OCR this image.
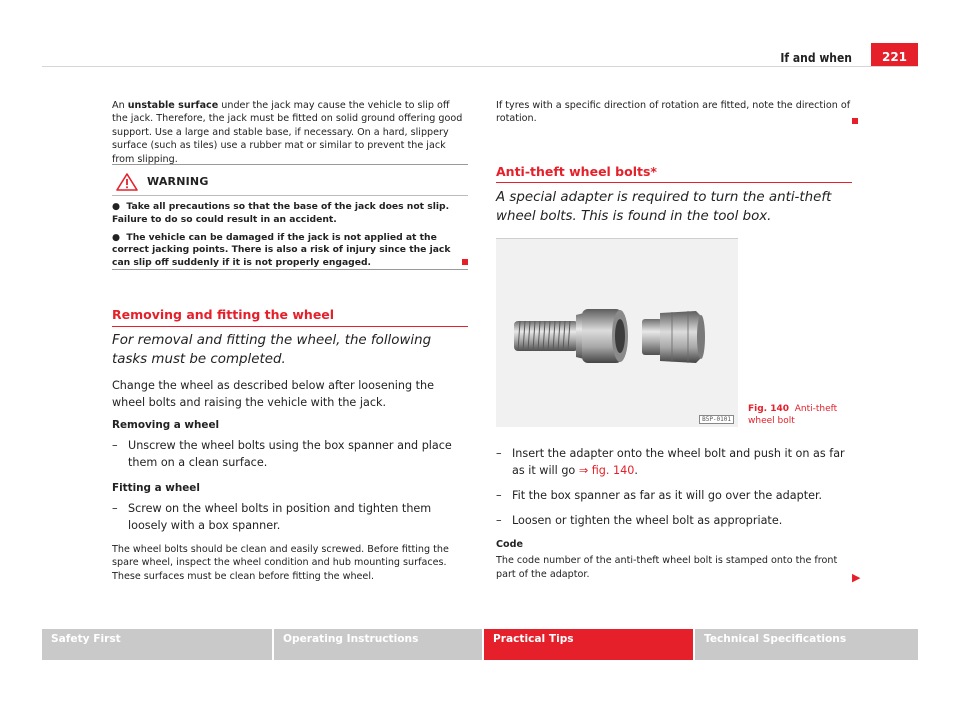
If and when	221
An unstable surface under the jack may cause the vehicle to slip off the jack. Therefore, the jack must be fitted on solid ground offering good support. Use a large and stable base, if necessary. On a hard, slippery surface (such as tiles) use a rubber mat or similar to prevent the jack from slipping.
WARNING

●  Take all precautions so that the base of the jack does not slip. Failure to do so could result in an accident.

●  The vehicle can be damaged if the jack is not applied at the correct jacking points. There is also a risk of injury since the jack can slip off suddenly if it is not properly engaged.

Removing and fitting the wheel
For removal and fitting the wheel, the following tasks must be completed.
Change the wheel as described below after loosening the wheel bolts and raising the vehicle with the jack.
Removing a wheel
– Unscrew the wheel bolts using the box spanner and place them on a clean surface.
Fitting a wheel
– Screw on the wheel bolts in position and tighten them loosely with a box spanner.
The wheel bolts should be clean and easily screwed. Before fitting the spare wheel, inspect the wheel condition and hub mounting surfaces. These surfaces must be clean before fitting the wheel.
If tyres with a specific direction of rotation are fitted, note the direction of rotation.
Anti-theft wheel bolts*
A special adapter is required to turn the anti-theft wheel bolts. This is found in the tool box.
B5P-0101
Fig. 140 Anti-theft wheel bolt
– Insert the adapter onto the wheel bolt and push it on as far as it will go ⇒ fig. 140.
– Fit the box spanner as far as it will go over the adapter.
– Loosen or tighten the wheel bolt as appropriate.
Code
The code number of the anti-theft wheel bolt is stamped onto the front part of the adaptor.	▶
Safety First	Operating Instructions	Practical Tips	Technical Specifications
